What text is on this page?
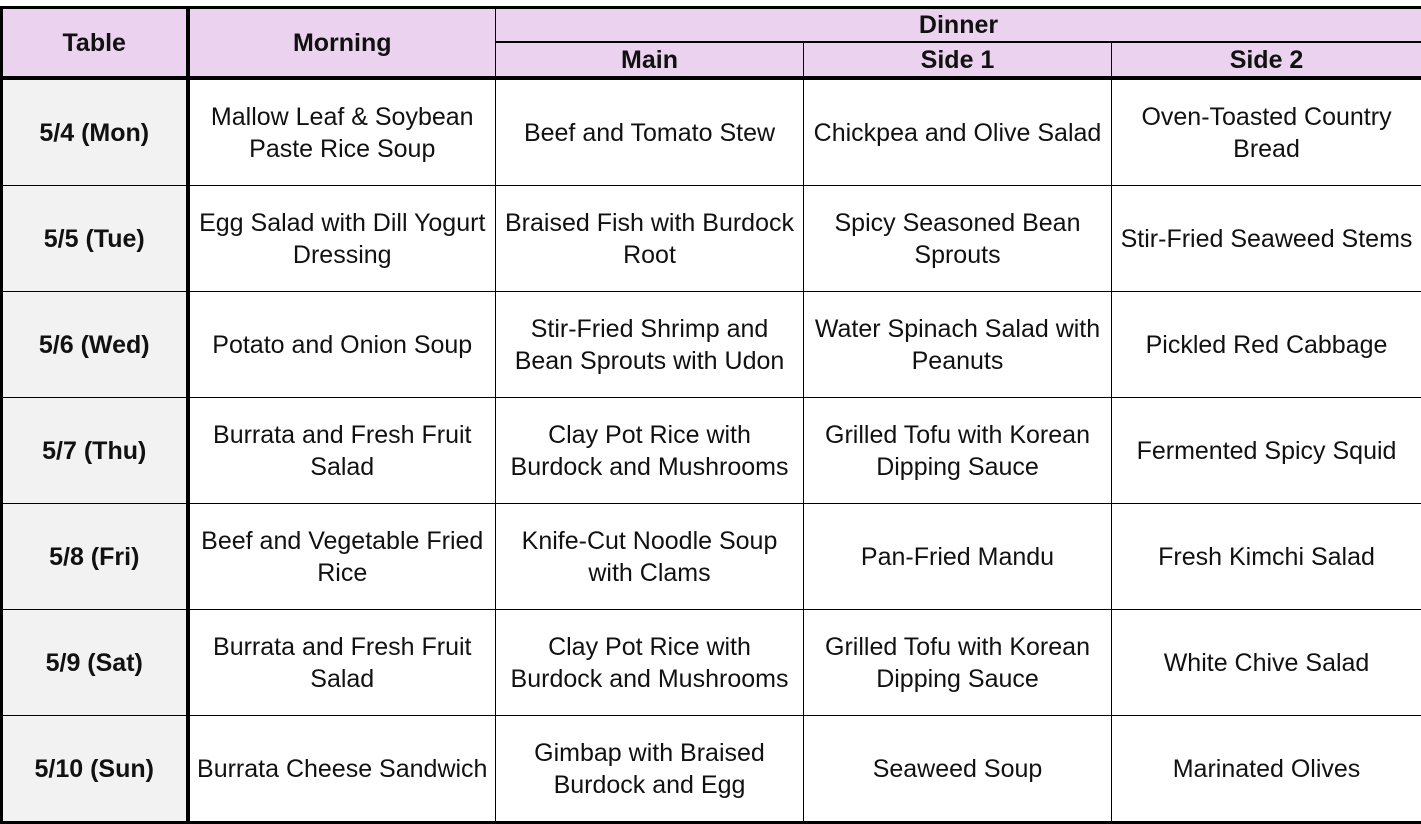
Table	Morning	Dinner		
		Main	Side 1	Side 2
5/4 (Mon)	Mallow Leaf & Soybean Paste Rice Soup	Beef and Tomato Stew	Chickpea and Olive Salad	Oven-Toasted Country Bread
5/5 (Tue)	Egg Salad with Dill Yogurt Dressing	Braised Fish with Burdock Root	Spicy Seasoned Bean Sprouts	Stir-Fried Seaweed Stems
5/6 (Wed)	Potato and Onion Soup	Stir-Fried Shrimp and Bean Sprouts with Udon	Water Spinach Salad with Peanuts	Pickled Red Cabbage
5/7 (Thu)	Burrata and Fresh Fruit Salad	Clay Pot Rice with Burdock and Mushrooms	Grilled Tofu with Korean Dipping Sauce	Fermented Spicy Squid
5/8 (Fri)	Beef and Vegetable Fried Rice	Knife-Cut Noodle Soup with Clams	Pan-Fried Mandu	Fresh Kimchi Salad
5/9 (Sat)	Burrata and Fresh Fruit Salad	Clay Pot Rice with Burdock and Mushrooms	Grilled Tofu with Korean Dipping Sauce	White Chive Salad
5/10 (Sun)	Burrata Cheese Sandwich	Gimbap with Braised Burdock and Egg	Seaweed Soup	Marinated Olives
